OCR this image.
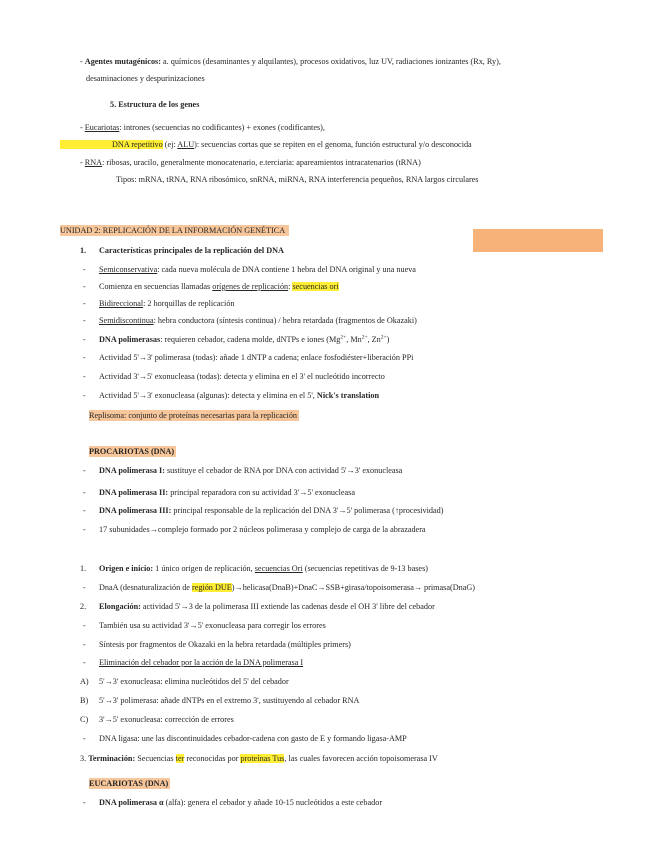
- Agentes mutagénicos: a. químicos (desaminantes y alquilantes), procesos oxidativos, luz UV, radiaciones ionizantes (Rx, Ry),
desaminaciones y despurinizaciones
5. Estructura de los genes
- Eucariotas: intrones (secuencias no codificantes) + exones (codificantes),
DNA repetitivo (ej: ALU): secuencias cortas que se repiten en el genoma, función estructural y/o desconocida
- RNA: ribosas, uracilo, generalmente monocatenario, e.terciaria: apareamientos intracatenarios (tRNA)
Tipos: mRNA, tRNA, RNA ribosómico, snRNA, miRNA, RNA interferencia pequeños, RNA largos circulares
UNIDAD 2: REPLICACIÓN DE LA INFORMACIÓN GENÉTICA
1. Características principales de la replicación del DNA
- Semiconservativa: cada nueva molécula de DNA contiene 1 hebra del DNA original y una nueva
- Comienza en secuencias llamadas orígenes de replicación: secuencias ori
- Bidireccional: 2 horquillas de replicación
- Semidiscontinua: hebra conductora (síntesis continua) / hebra retardada (fragmentos de Okazaki)
- DNA polimerasas: requieren cebador, cadena molde, dNTPs e iones ($Mg^{2+}$, $Mn^{2+}$, $Zn^{2+}$)
- Actividad 5'→3' polimerasa (todas): añade 1 dNTP a cadena; enlace fosfodiéster+liberación PPi
- Actividad 3'→5' exonucleasa (todas): detecta y elimina en el 3' el nucleótido incorrecto
- Actividad 5'→3' exonucleasa (algunas): detecta y elimina en el 5', Nick's translation
Replisoma: conjunto de proteínas necesarias para la replicación
PROCARIOTAS (DNA)
- DNA polimerasa I: sustituye el cebador de RNA por DNA con actividad 5'→3' exonucleasa
- DNA polimerasa II: principal reparadora con su actividad 3'→5' exonucleasa
- DNA polimerasa III: principal responsable de la replicación del DNA 3'→5' polimerasa (↑procesividad)
- 17 subunidades→complejo formado por 2 núcleos polimerasa y complejo de carga de la abrazadera
1. Origen e inicio: 1 único origen de replicación, secuencias Ori (secuencias repetitivas de 9-13 bases)
- DnaA (desnaturalización de región DUE)→helicasa(DnaB)+DnaC→SSB+girasa/topoisomerasa→ primasa(DnaG)
2. Elongación: actividad 5'→3 de la polimerasa III extiende las cadenas desde el OH 3' libre del cebador
- También usa su actividad 3'→5' exonucleasa para corregir los errores
- Síntesis por fragmentos de Okazaki en la hebra retardada (múltiples primers)
- Eliminación del cebador por la acción de la DNA polimerasa I
A) 5'→3' exonucleasa: elimina nucleótidos del 5' del cebador
B) 5'→3' polimerasa: añade dNTPs en el extremo 3', sustituyendo al cebador RNA
C) 3'→5' exonucleasa: corrección de errores
- DNA ligasa: une las discontinuidades cebador-cadena con gasto de E y formando ligasa-AMP
3. Terminación: Secuencias ter reconocidas por proteínas Tus, las cuales favorecen acción topoisomerasa IV
EUCARIOTAS (DNA)
- DNA polimerasa α (alfa): genera el cebador y añade 10-15 nucleótidos a este cebador
